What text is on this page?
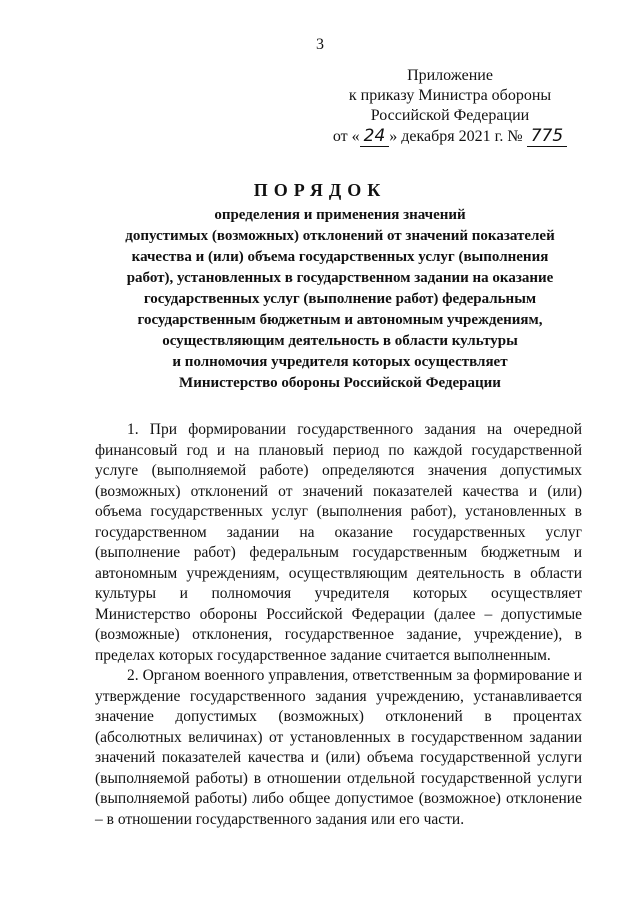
3
Приложение
к приказу Министра обороны
Российской Федерации
от « 24 » декабря 2021 г. № 775
ПОРЯДОК
определения и применения значений
допустимых (возможных) отклонений от значений показателей
качества и (или) объема государственных услуг (выполнения
работ), установленных в государственном задании на оказание
государственных услуг (выполнение работ) федеральным
государственным бюджетным и автономным учреждениям,
осуществляющим деятельность в области культуры
и полномочия учредителя которых осуществляет
Министерство обороны Российской Федерации

1. При формировании государственного задания на очередной финансовый год и на плановый период по каждой государственной услуге (выполняемой работе) определяются значения допустимых (возможных) отклонений от значений показателей качества и (или) объема государственных услуг (выполнения работ), установленных в государственном задании на оказание государственных услуг (выполнение работ) федеральным государственным бюджетным и автономным учреждениям, осуществляющим деятельность в области культуры и полномочия учредителя которых осуществляет Министерство обороны Российской Федерации (далее – допустимые (возможные) отклонения, государственное задание, учреждение), в пределах которых государственное задание считается выполненным.

2. Органом военного управления, ответственным за формирование и утверждение государственного задания учреждению, устанавливается значение допустимых (возможных) отклонений в процентах (абсолютных величинах) от установленных в государственном задании значений показателей качества и (или) объема государственной услуги (выполняемой работы) в отношении отдельной государственной услуги (выполняемой работы) либо общее допустимое (возможное) отклонение – в отношении государственного задания или его части.
